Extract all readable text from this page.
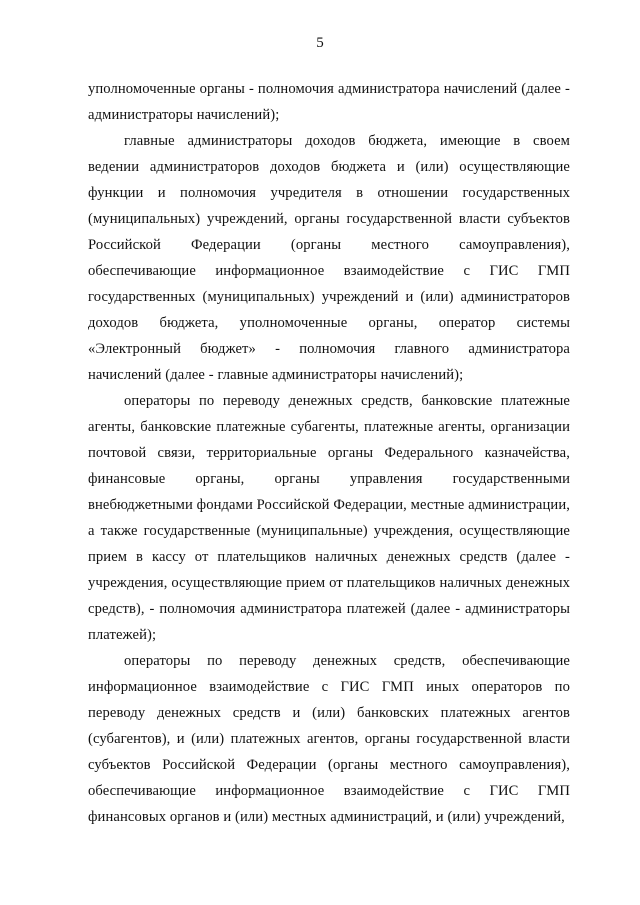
5

уполномоченные органы - полномочия администратора начислений (далее - администраторы начислений);

главные администраторы доходов бюджета, имеющие в своем ведении администраторов доходов бюджета и (или) осуществляющие функции и полномочия учредителя в отношении государственных (муниципальных) учреждений, органы государственной власти субъектов Российской Федерации (органы местного самоуправления), обеспечивающие информационное взаимодействие с ГИС ГМП государственных (муниципальных) учреждений и (или) администраторов доходов бюджета, уполномоченные органы, оператор системы «Электронный бюджет» - полномочия главного администратора начислений (далее - главные администраторы начислений);

операторы по переводу денежных средств, банковские платежные агенты, банковские платежные субагенты, платежные агенты, организации почтовой связи, территориальные органы Федерального казначейства, финансовые органы, органы управления государственными внебюджетными фондами Российской Федерации, местные администрации, а также государственные (муниципальные) учреждения, осуществляющие прием в кассу от плательщиков наличных денежных средств (далее - учреждения, осуществляющие прием от плательщиков наличных денежных средств), - полномочия администратора платежей (далее - администраторы платежей);

операторы по переводу денежных средств, обеспечивающие информационное взаимодействие с ГИС ГМП иных операторов по переводу денежных средств и (или) банковских платежных агентов (субагентов), и (или) платежных агентов, органы государственной власти субъектов Российской Федерации (органы местного самоуправления), обеспечивающие информационное взаимодействие с ГИС ГМП финансовых органов и (или) местных администраций, и (или) учреждений,
